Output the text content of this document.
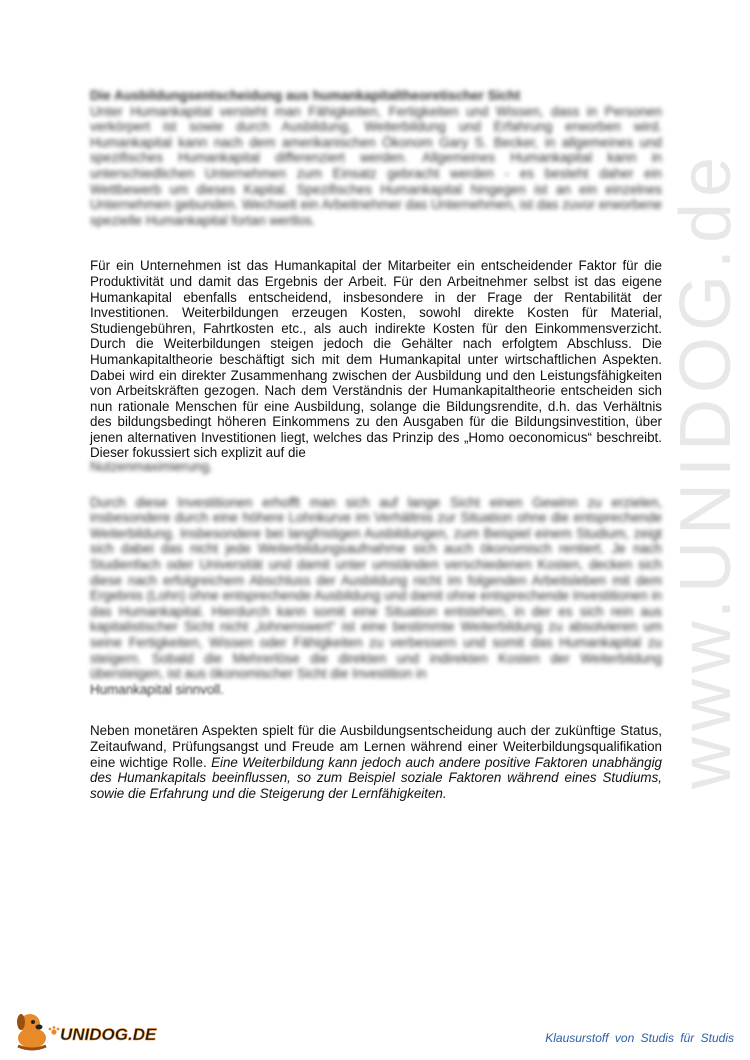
www.UNIDOG.de

Die Ausbildungsentscheidung aus humankapitaltheoretischer Sicht

Unter Humankapital versteht man Fähigkeiten, Fertigkeiten und Wissen, dass in Personen verkörpert ist sowie durch Ausbildung, Weiterbildung und Erfahrung erworben wird. Humankapital kann nach dem amerikanischen Ökonom Gary S. Becker, in allgemeines und spezifisches Humankapital differenziert werden. Allgemeines Humankapital kann in unterschiedlichen Unternehmen zum Einsatz gebracht werden - es besteht daher ein Wettbewerb um dieses Kapital. Spezifisches Humankapital hingegen ist an ein einzelnes Unternehmen gebunden. Wechselt ein Arbeitnehmer das Unternehmen, ist das zuvor erworbene spezielle Humankapital fortan wertlos.

Für ein Unternehmen ist das Humankapital der Mitarbeiter ein entscheidender Faktor für die Produktivität und damit das Ergebnis der Arbeit. Für den Arbeitnehmer selbst ist das eigene Humankapital ebenfalls entscheidend, insbesondere in der Frage der Rentabilität der Investitionen. Weiterbildungen erzeugen Kosten, sowohl direkte Kosten für Material, Studiengebühren, Fahrtkosten etc., als auch indirekte Kosten für den Einkommensverzicht. Durch die Weiterbildungen steigen jedoch die Gehälter nach erfolgtem Abschluss. Die Humankapitaltheorie beschäftigt sich mit dem Humankapital unter wirtschaftlichen Aspekten. Dabei wird ein direkter Zusammenhang zwischen der Ausbildung und den Leistungsfähigkeiten von Arbeitskräften gezogen. Nach dem Verständnis der Humankapitaltheorie entscheiden sich nun rationale Menschen für eine Ausbildung, solange die Bildungsrendite, d.h. das Verhältnis des bildungsbedingt höheren Einkommens zu den Ausgaben für die Bildungsinvestition, über jenen alternativen Investitionen liegt, welches das Prinzip des „Homo oeconomicus“ beschreibt. Dieser fokussiert sich explizit auf die

Nutzenmaximierung.

Durch diese Investitionen erhofft man sich auf lange Sicht einen Gewinn zu erzielen, insbesondere durch eine höhere Lohnkurve im Verhältnis zur Situation ohne die entsprechende Weiterbildung. Insbesondere bei langfristigen Ausbildungen, zum Beispiel einem Studium, zeigt sich dabei das nicht jede Weiterbildungsaufnahme sich auch ökonomisch rentiert. Je nach Studienfach oder Universität und damit unter umständen verschiedenen Kosten, decken sich diese nach erfolgreichem Abschluss der Ausbildung nicht im folgenden Arbeitsleben mit dem Ergebnis (Lohn) ohne entsprechende Ausbildung und damit ohne entsprechende Investitionen in das Humankapital. Hierdurch kann somit eine Situation entstehen, in der es sich rein aus kapitalistischer Sicht nicht „lohnenswert“ ist eine bestimmte Weiterbildung zu absolvieren um seine Fertigkeiten, Wissen oder Fähigkeiten zu verbessern und somit das Humankapital zu steigern. Sobald die Mehrerlöse die direkten und indirekten Kosten der Weiterbildung übersteigen, ist aus ökonomischer Sicht die Investition in

Humankapital sinnvoll.

Neben monetären Aspekten spielt für die Ausbildungsentscheidung auch der zukünftige Status, Zeitaufwand, Prüfungsangst und Freude am Lernen während einer Weiterbildungsqualifikation eine wichtige Rolle. Eine Weiterbildung kann jedoch auch andere positive Faktoren unabhängig des Humankapitals beeinflussen, so zum Beispiel soziale Faktoren während eines Studiums, sowie die Erfahrung und die Steigerung der Lernfähigkeiten.

UNIDOG.DE	Klausurstoff von Studis für Studis
